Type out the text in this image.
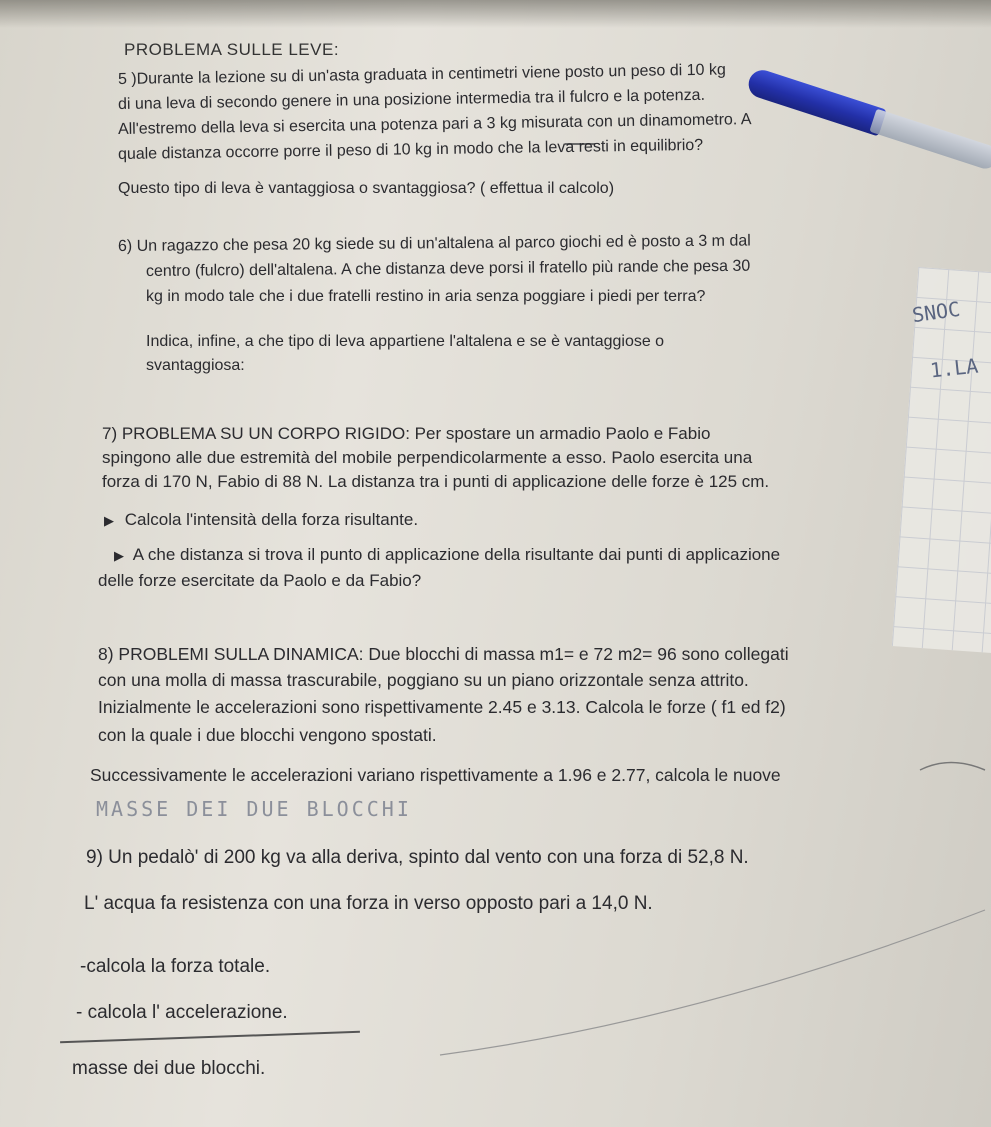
PROBLEMA SULLE LEVE:
5 )Durante la lezione su di un'asta graduata in centimetri viene posto un peso di 10 kg
di una leva di secondo genere in una posizione intermedia tra il fulcro e la potenza.
All'estremo della leva si esercita una potenza pari a 3 kg misurata con un dinamometro. A
quale distanza occorre porre il peso di 10 kg in modo che la leva resti in equilibrio?
Questo tipo di leva è vantaggiosa o svantaggiosa? ( effettua il calcolo)
6) Un ragazzo che pesa 20 kg siede su di un'altalena al parco giochi ed è posto a 3 m dal
centro (fulcro) dell'altalena. A che distanza deve porsi il fratello più rande che pesa 30
kg in modo tale che i due fratelli restino in aria senza poggiare i piedi per terra?
Indica, infine, a che tipo di leva appartiene l'altalena e se è vantaggiose o
svantaggiosa:
7) PROBLEMA SU UN CORPO RIGIDO: Per spostare un armadio Paolo e Fabio
spingono alle due estremità del mobile perpendicolarmente a esso. Paolo esercita una
forza di 170 N, Fabio di 88 N. La distanza tra i punti di applicazione delle forze è 125 cm.
▶ Calcola l'intensità della forza risultante.
▶ A che distanza si trova il punto di applicazione della risultante dai punti di applicazione
delle forze esercitate da Paolo e da Fabio?
8) PROBLEMI SULLA DINAMICA: Due blocchi di massa m1= e 72 m2= 96 sono collegati
con una molla di massa trascurabile, poggiano su un piano orizzontale senza attrito.
Inizialmente le accelerazioni sono rispettivamente 2.45 e 3.13. Calcola le forze ( f1 ed f2)
con la quale i due blocchi vengono spostati.
Successivamente le accelerazioni variano rispettivamente a 1.96 e 2.77, calcola le nuove
MASSE DEI DUE BLOCCHI
9) Un pedalò' di 200 kg va alla deriva, spinto dal vento con una forza di 52,8 N.
L' acqua fa resistenza con una forza in verso opposto pari a 14,0 N.
-calcola la forza totale.
- calcola l' accelerazione.
masse dei due blocchi.
SNOC
1.LA
